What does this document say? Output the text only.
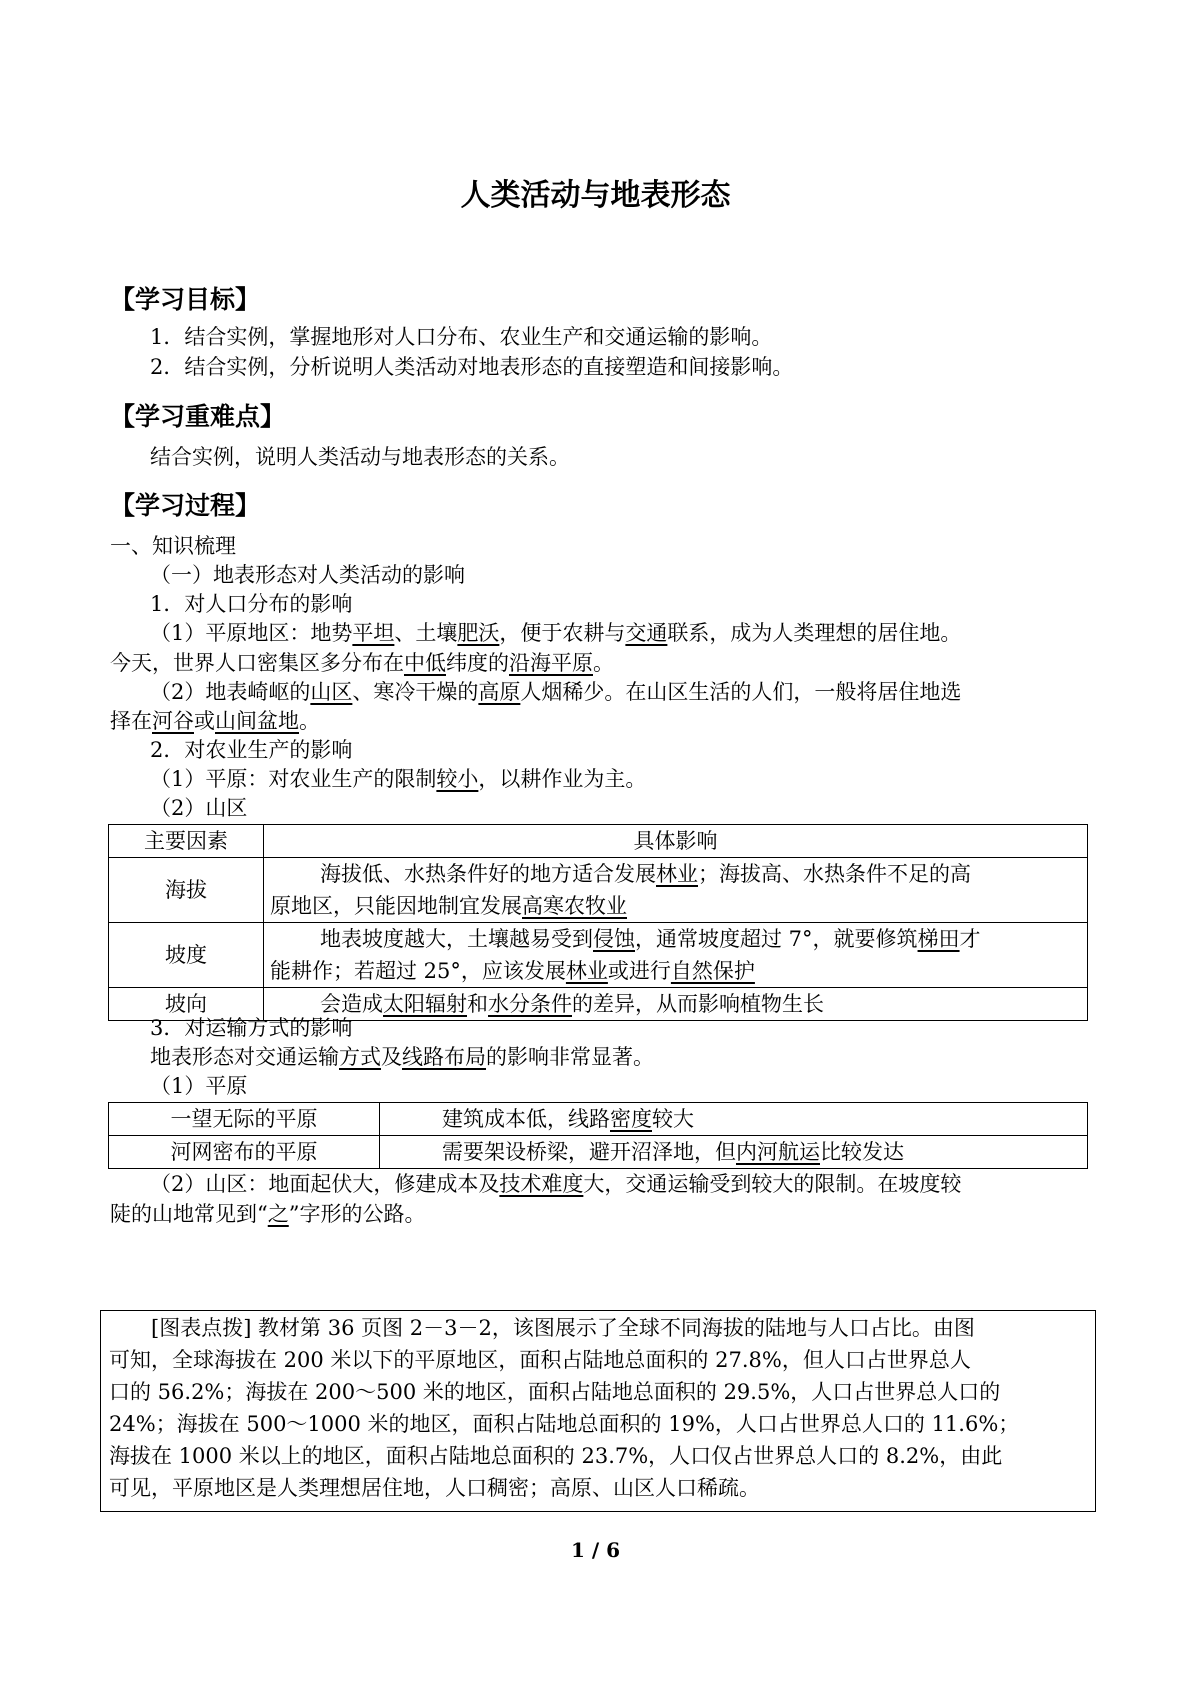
人类活动与地表形态
【学习目标】
1．结合实例，掌握地形对人口分布、农业生产和交通运输的影响。
2．结合实例，分析说明人类活动对地表形态的直接塑造和间接影响。
【学习重难点】
结合实例，说明人类活动与地表形态的关系。
【学习过程】
一、知识梳理
（一）地表形态对人类活动的影响
1．对人口分布的影响
（1）平原地区：地势平坦、土壤肥沃，便于农耕与交通联系，成为人类理想的居住地。
今天，世界人口密集区多分布在中低纬度的沿海平原。
（2）地表崎岖的山区、寒冷干燥的高原人烟稀少。在山区生活的人们，一般将居住地选
择在河谷或山间盆地。
2．对农业生产的影响
（1）平原：对农业生产的限制较小，以耕作业为主。
（2）山区
主要因素	具体影响
海拔	海拔低、水热条件好的地方适合发展林业；海拔高、水热条件不足的高
原地区，只能因地制宜发展高寒农牧业

坡度	地表坡度越大，土壤越易受到侵蚀，通常坡度超过 7°，就要修筑梯田才
能耕作；若超过 25°，应该发展林业或进行自然保护

坡向	会造成太阳辐射和水分条件的差异，从而影响植物生长
3．对运输方式的影响
地表形态对交通运输方式及线路布局的影响非常显著。
（1）平原
一望无际的平原	建筑成本低，线路密度较大
河网密布的平原	需要架设桥梁，避开沼泽地，但内河航运比较发达
（2）山区：地面起伏大，修建成本及技术难度大，交通运输受到较大的限制。在坡度较
陡的山地常见到“之”字形的公路。
[图表点拨] 教材第 36 页图 2－3－2，该图展示了全球不同海拔的陆地与人口占比。由图
可知，全球海拔在 200 米以下的平原地区，面积占陆地总面积的 27.8%，但人口占世界总人
口的 56.2%；海拔在 200～500 米的地区，面积占陆地总面积的 29.5%，人口占世界总人口的
24%；海拔在 500～1000 米的地区，面积占陆地总面积的 19%，人口占世界总人口的 11.6%；
海拔在 1000 米以上的地区，面积占陆地总面积的 23.7%，人口仅占世界总人口的 8.2%，由此
可见，平原地区是人类理想居住地，人口稠密；高原、山区人口稀疏。
1 / 6
